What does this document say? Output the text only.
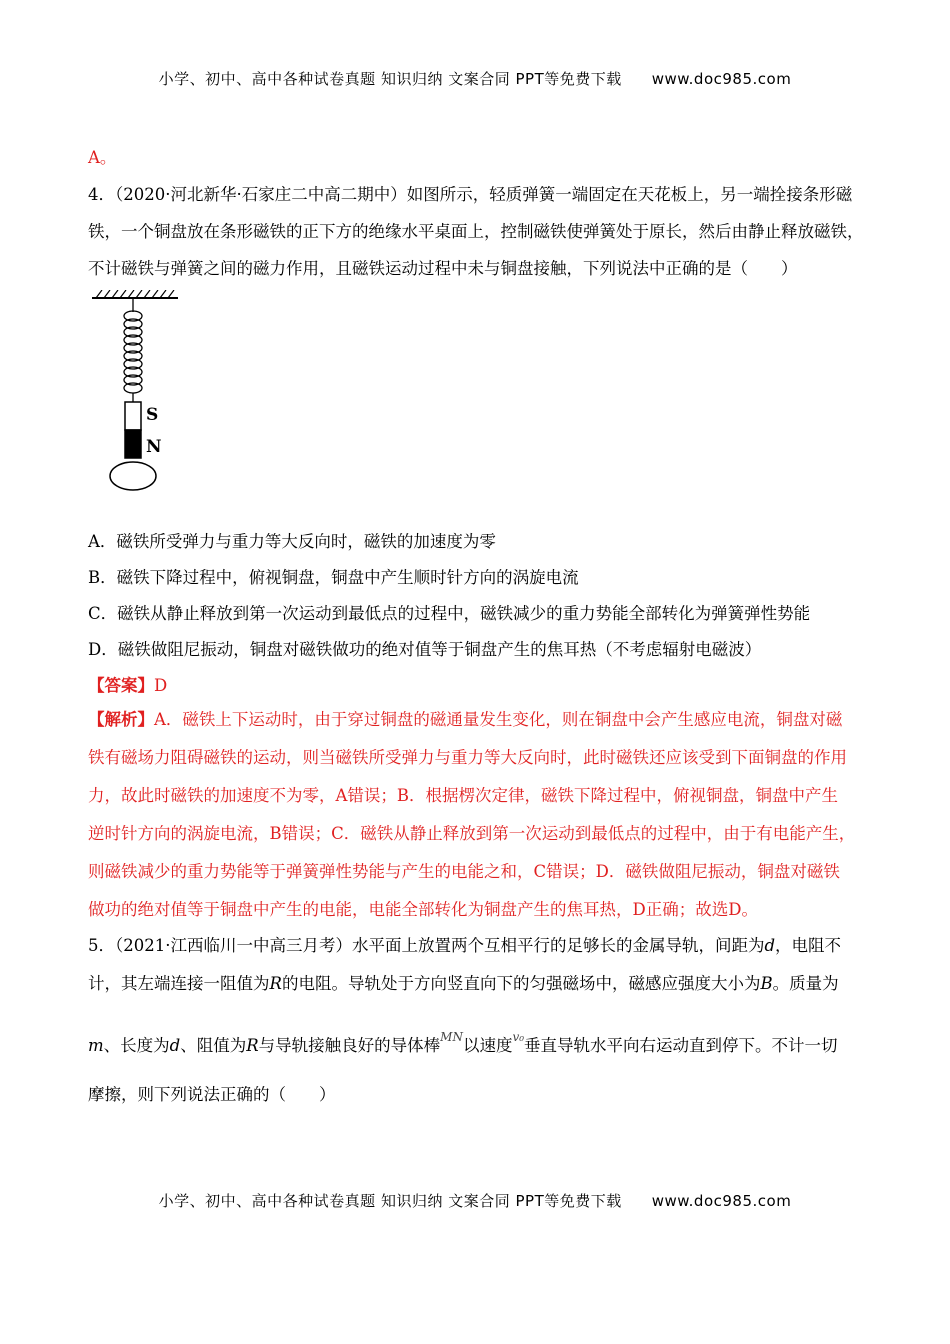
小学、初中、高中各种试卷真题 知识归纳 文案合同 PPT等免费下载 www.doc985.com
A。
4．（2020·河北新华·石家庄二中高二期中）如图所示，轻质弹簧一端固定在天花板上，另一端拴接条形磁
铁，一个铜盘放在条形磁铁的正下方的绝缘水平桌面上，控制磁铁使弹簧处于原长，然后由静止释放磁铁，
不计磁铁与弹簧之间的磁力作用，且磁铁运动过程中未与铜盘接触，下列说法中正确的是（　　）
A．磁铁所受弹力与重力等大反向时，磁铁的加速度为零
B．磁铁下降过程中，俯视铜盘，铜盘中产生顺时针方向的涡旋电流
C．磁铁从静止释放到第一次运动到最低点的过程中，磁铁减少的重力势能全部转化为弹簧弹性势能
D．磁铁做阻尼振动，铜盘对磁铁做功的绝对值等于铜盘产生的焦耳热（不考虑辐射电磁波）
【答案】D
【解析】A．磁铁上下运动时，由于穿过铜盘的磁通量发生变化，则在铜盘中会产生感应电流，铜盘对磁
铁有磁场力阻碍磁铁的运动，则当磁铁所受弹力与重力等大反向时，此时磁铁还应该受到下面铜盘的作用
力，故此时磁铁的加速度不为零，A错误；B．根据楞次定律，磁铁下降过程中，俯视铜盘，铜盘中产生
逆时针方向的涡旋电流，B错误；C．磁铁从静止释放到第一次运动到最低点的过程中，由于有电能产生，
则磁铁减少的重力势能等于弹簧弹性势能与产生的电能之和，C错误；D．磁铁做阻尼振动，铜盘对磁铁
做功的绝对值等于铜盘中产生的电能，电能全部转化为铜盘产生的焦耳热，D正确；故选D。
5．（2021·江西临川一中高三月考）水平面上放置两个互相平行的足够长的金属导轨，间距为d，电阻不
计，其左端连接一阻值为R的电阻。导轨处于方向竖直向下的匀强磁场中，磁感应强度大小为B。质量为
m、长度为d、阻值为R与导轨接触良好的导体棒$^{MN}$以速度$^{v_0}$垂直导轨水平向右运动直到停下。不计一切
摩擦，则下列说法正确的（　　）
S
N
小学、初中、高中各种试卷真题 知识归纳 文案合同 PPT等免费下载 www.doc985.com
